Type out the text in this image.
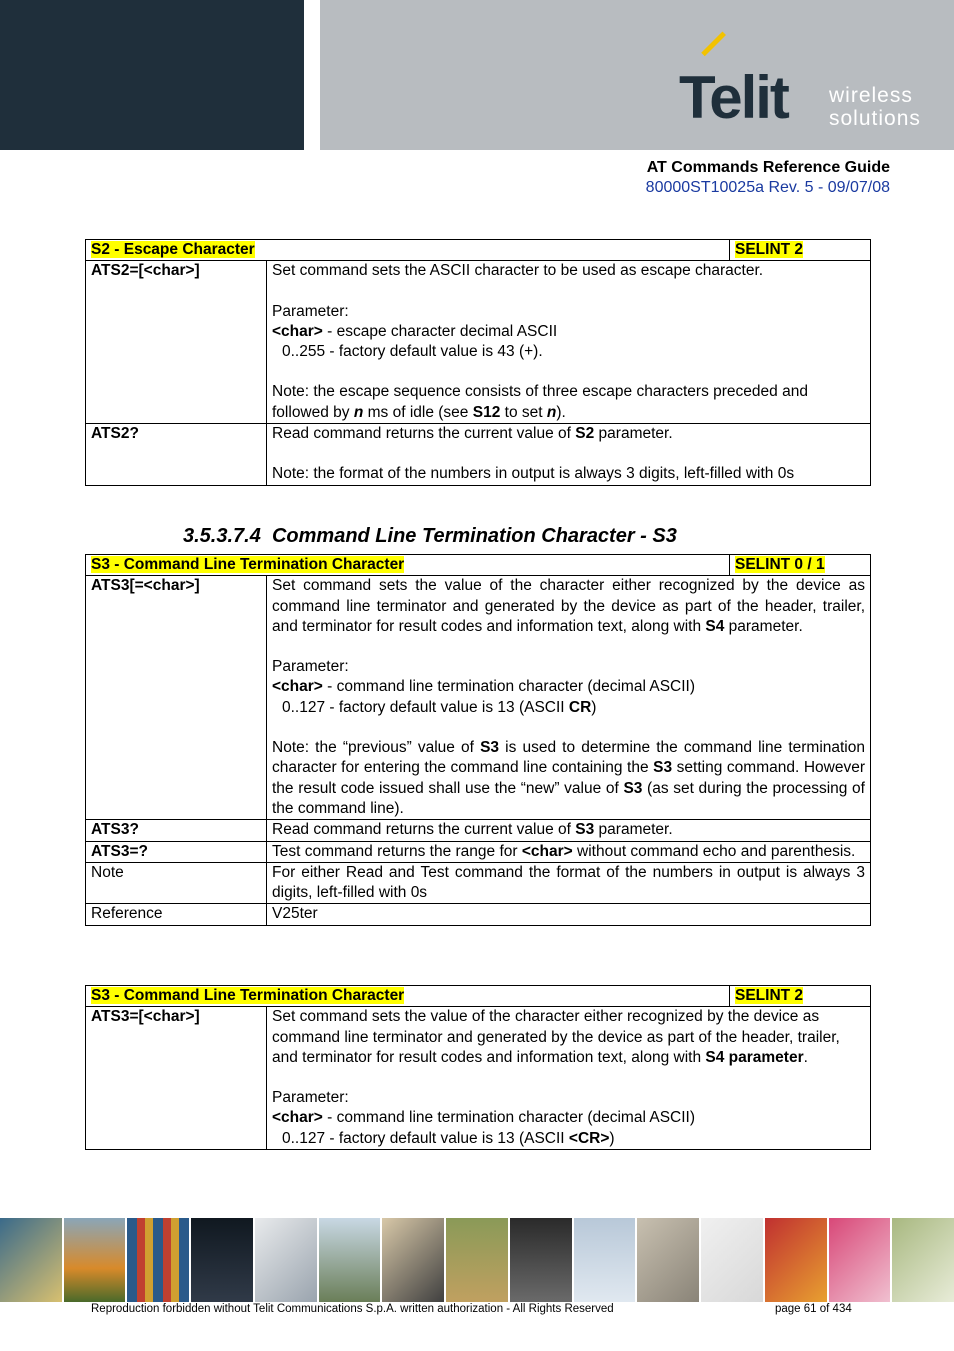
Telit wireless
solutions
AT Commands Reference Guide
80000ST10025a Rev. 5 - 09/07/08
S2 - Escape Character		SELINT 2
ATS2=[<char>]	Set command sets the ASCII character to be used as escape character.

Parameter:

<char> - escape character decimal ASCII

0..255 - factory default value is 43 (+).

Note: the escape sequence consists of three escape characters preceded and followed by n ms of idle (see S12 to set n).	

ATS2?	Read command returns the current value of S2 parameter.

Note: the format of the numbers in output is always 3 digits, left-filled with 0s	

3.5.3.7.4 Command Line Termination Character - S3
S3 - Command Line Termination Character		SELINT 0 / 1
ATS3[=<char>]	Set command sets the value of the character either recognized by the device as command line terminator and generated by the device as part of the header, trailer, and terminator for result codes and information text, along with S4 parameter.

Parameter:

<char> - command line termination character (decimal ASCII)

0..127 - factory default value is 13 (ASCII CR)

Note: the “previous” value of S3 is used to determine the command line termination character for entering the command line containing the S3 setting command. However the result code issued shall use the “new” value of S3 (as set during the processing of the command line).	

ATS3?	Read command returns the current value of S3 parameter.	
ATS3=?	Test command returns the range for <char> without command echo and parenthesis.	
Note	For either Read and Test command the format of the numbers in output is always 3 digits, left-filled with 0s	
Reference	V25ter	
S3 - Command Line Termination Character		SELINT 2
ATS3=[<char>]	Set command sets the value of the character either recognized by the device as command line terminator and generated by the device as part of the header, trailer, and terminator for result codes and information text, along with S4 parameter.

Parameter:

<char> - command line termination character (decimal ASCII)

0..127 - factory default value is 13 (ASCII <CR>)	
Reproduction forbidden without Telit Communications S.p.A. written authorization - All Rights Reserved	page 61 of 434
